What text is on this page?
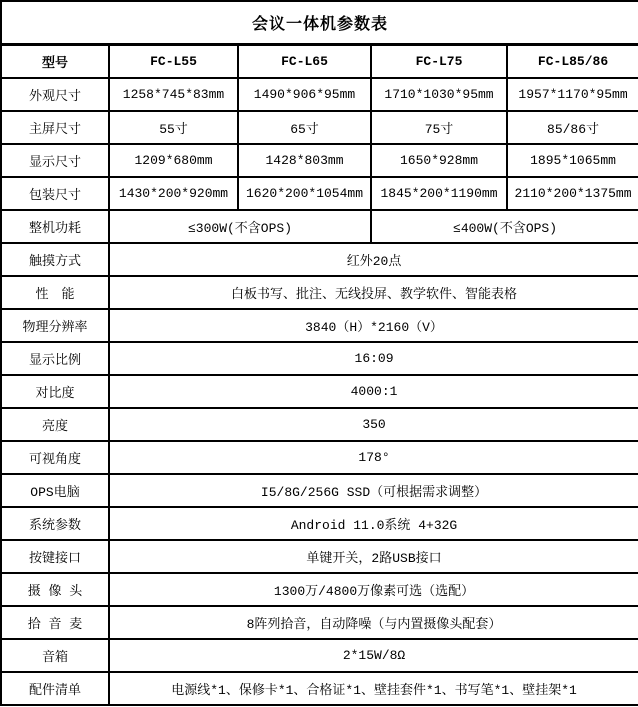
会议一体机参数表				
型号	FC-L55	FC-L65	FC-L75	FC-L85/86
外观尺寸	1258*745*83mm	1490*906*95mm	1710*1030*95mm	1957*1170*95mm
主屏尺寸	55寸	65寸	75寸	85/86寸
显示尺寸	1209*680mm	1428*803mm	1650*928mm	1895*1065mm
包装尺寸	1430*200*920mm	1620*200*1054mm	1845*200*1190mm	2110*200*1375mm
整机功耗	≤300W(不含OPS)		≤400W(不含OPS)	
触摸方式	红外20点			
性　能	白板书写、批注、无线投屏、教学软件、智能表格			
物理分辨率	3840（H）*2160（V）			
显示比例	16:09			
对比度	4000:1			
亮度	350			
可视角度	178°			
OPS电脑	I5/8G/256G SSD（可根据需求调整）			
系统参数	Android 11.0系统 4+32G			
按键接口	单键开关，2路USB接口			
摄 像 头	1300万/4800万像素可选（选配）			
拾 音 麦	8阵列拾音，自动降噪（与内置摄像头配套）			
音箱	2*15W/8Ω			
配件清单	电源线*1、保修卡*1、合格证*1、壁挂套件*1、书写笔*1、壁挂架*1			
